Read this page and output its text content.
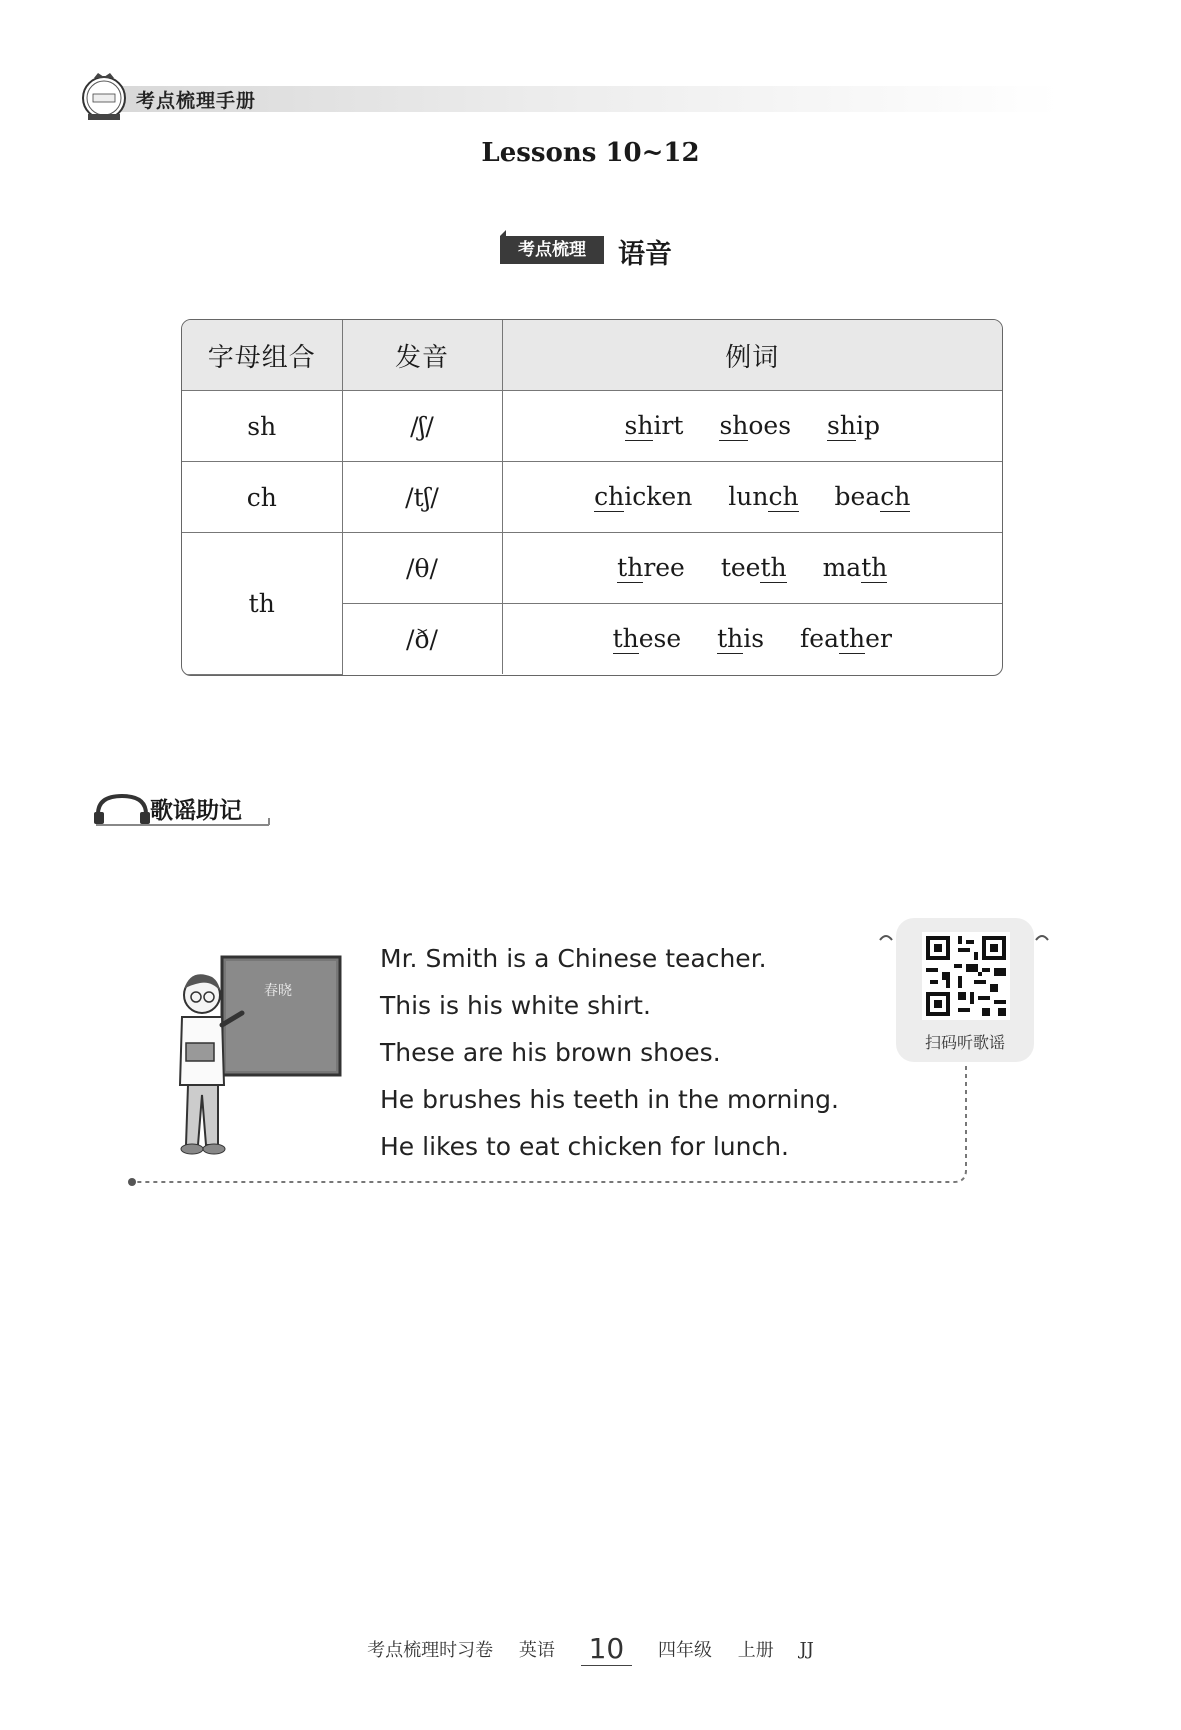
考点梳理手册
Lessons 10~12
考点梳理	语音
字母组合	发音	例词
sh	/ʃ/	shirt shoes ship
ch	/tʃ/	chicken lunch beach
th	/θ/	three teeth math
	/ð/	these this feather
歌谣助记
春晓
Mr. Smith is a Chinese teacher.
This is his white shirt.
These are his brown shoes.
He brushes his teeth in the morning.
He likes to eat chicken for lunch.
扫码听歌谣
考点梳理时习卷 英语 10 四年级 上册 JJ
